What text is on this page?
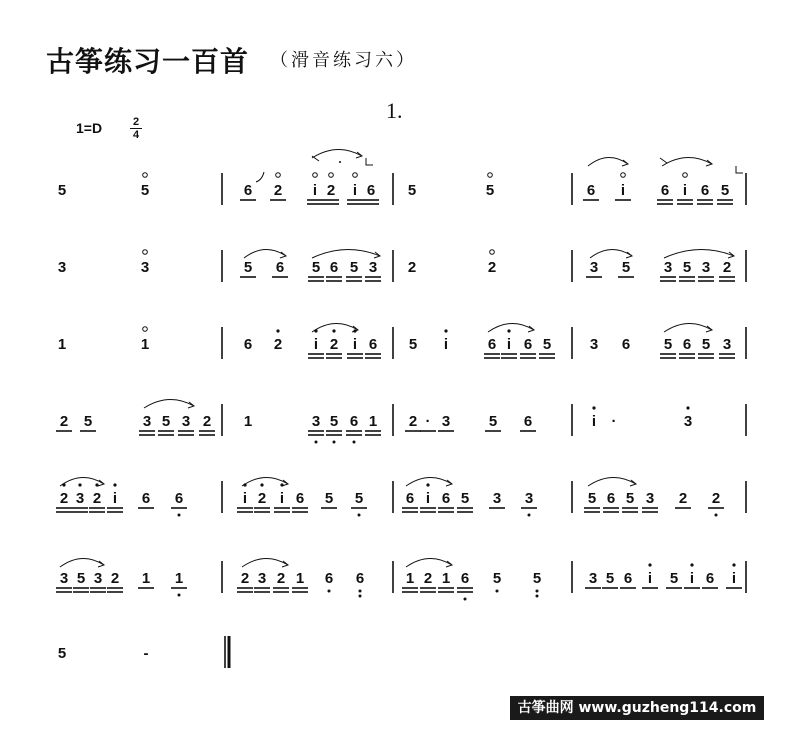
古筝练习一百首 （滑音练习六）
1.
1=D	2
4
5	5	6 2 i 2 i 6 5	5	6 i 6 i 6 5
3	3	5 6 5 6 5 3 2	2	3 5 3 5 3 2
1	1	6 2 i 2 i 6 5 i	6 i 6 5	3 6 5 6 5 3
2 5	3 5 3 2 1	3 5 6 1 2 · 3	5 6	i ·	3
2 3 2 i 6 6	i 2 i 6 5 5	6 i 6 5 3 3	5 6 5 3 2 2
3 5 3 2 1 1	2 3 2 1 6 6	1 2 1 6 5 5	3 5 6 i 5 i 6 i
5	-
古筝曲网 www.guzheng114.com
